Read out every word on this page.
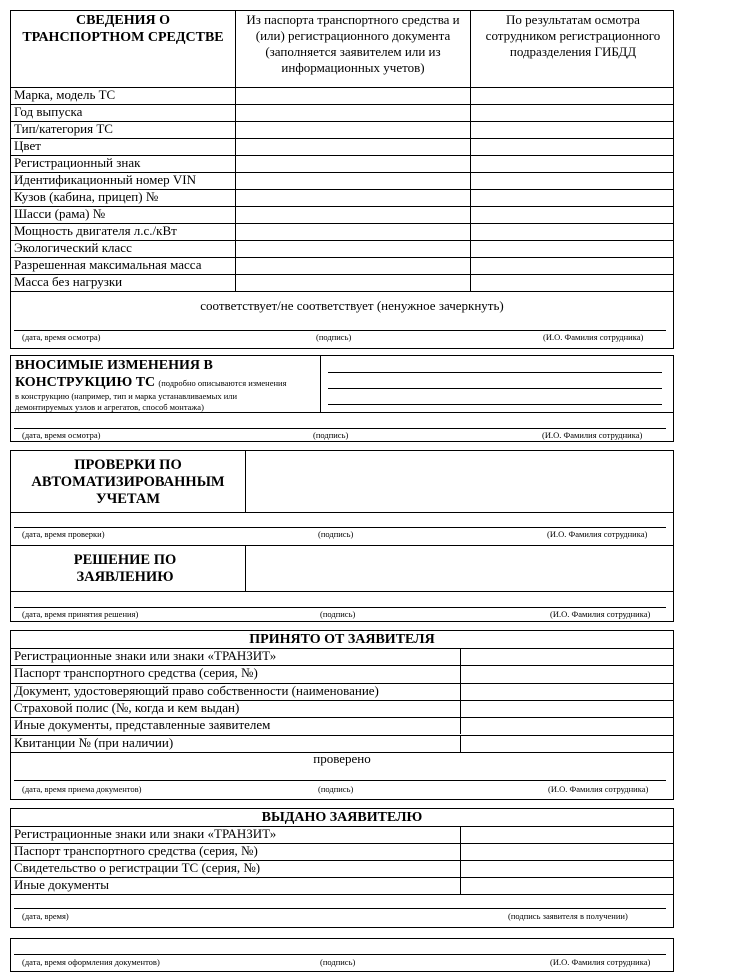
СВЕДЕНИЯ О ТРАНСПОРТНОМ СРЕДСТВЕ
Из паспорта транспортного средства и (или) регистрационного документа (заполняется заявителем или из информационных учетов)
По результатам осмотра сотрудником регистрационного подразделения ГИБДД
Марка, модель ТС
Год выпуска
Тип/категория ТС
Цвет
Регистрационный знак
Идентификационный номер VIN
Кузов (кабина, прицеп) №
Шасси (рама) №
Мощность двигателя л.с./кВт
Экологический класс
Разрешенная максимальная масса
Масса без нагрузки
соответствует/не соответствует (ненужное зачеркнуть)
(дата, время осмотра)	(подпись)	(И.О. Фамилия сотрудника)
ВНОСИМЫЕ ИЗМЕНЕНИЯ В КОНСТРУКЦИЮ ТС (подробно описываются изменения
в конструкцию (например, тип и марка устанавливаемых или демонтируемых узлов и агрегатов, способ монтажа)
(дата, время осмотра)	(подпись)	(И.О. Фамилия сотрудника)
ПРОВЕРКИ ПО АВТОМАТИЗИРОВАННЫМ УЧЕТАМ
(дата, время проверки)	(подпись)	(И.О. Фамилия сотрудника)
РЕШЕНИЕ ПО ЗАЯВЛЕНИЮ
(дата, время принятия решения)	(подпись)	(И.О. Фамилия сотрудника)
ПРИНЯТО ОТ ЗАЯВИТЕЛЯ
Регистрационные знаки или знаки «ТРАНЗИТ»
Паспорт транспортного средства (серия, №)
Документ, удостоверяющий право собственности (наименование)
Страховой полис (№, когда и кем выдан)
Иные документы, представленные заявителем
Квитанции № (при наличии)
проверено
(дата, время приема документов)	(подпись)	(И.О. Фамилия сотрудника)
ВЫДАНО ЗАЯВИТЕЛЮ
Регистрационные знаки или знаки «ТРАНЗИТ»
Паспорт транспортного средства (серия, №)
Свидетельство о регистрации ТС (серия, №)
Иные документы
(дата, время)	(подпись заявителя в получении)
(дата, время оформления документов)	(подпись)	(И.О. Фамилия сотрудника)
